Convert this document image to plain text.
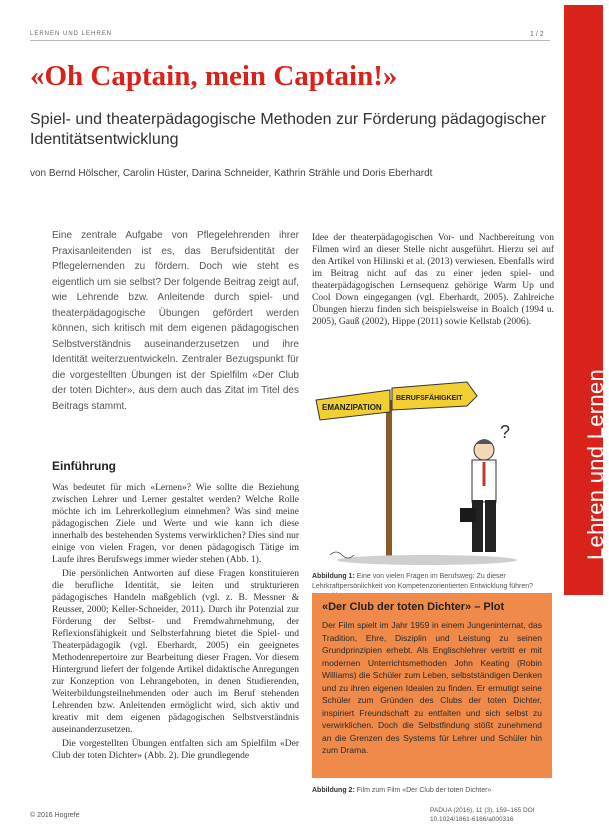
LERNEN UND LEHREN	1 / 2
Lehren und Lernen
«Oh Captain, mein Captain!»
Spiel- und theaterpädagogische Methoden zur Förderung pädagogischer Identitätsentwicklung
von Bernd Hölscher, Carolin Hüster, Darina Schneider, Kathrin Strähle und Doris Eberhardt
Eine zentrale Aufgabe von Pflegelehrenden ihrer Praxisanleitenden ist es, das Berufsidentität der Pflegelernenden zu fördern. Doch wie steht es eigentlich um sie selbst? Der folgende Beitrag zeigt auf, wie Lehrende bzw. Anleitende durch spiel- und theaterpädagogische Übungen gefördert werden können, sich kritisch mit dem eigenen pädagogischen Selbstverständnis auseinanderzusetzen und ihre Identität weiterzuentwickeln. Zentraler Bezugspunkt für die vorgestellten Übungen ist der Spielfilm «Der Club der toten Dichter», aus dem auch das Zitat im Titel des Beitrags stammt.
Einführung

Was bedeutet für mich «Lernen»? Wie sollte die Beziehung zwischen Lehrer und Lerner gestaltet werden? Welche Rolle möchte ich im Lehrerkollegium einnehmen? Was sind meine pädagogischen Ziele und Werte und wie kann ich diese innerhalb des bestehenden Systems verwirklichen? Dies sind nur einige von vielen Fragen, vor denen pädagogisch Tätige im Laufe ihres Berufswegs immer wieder stehen (Abb. 1).

Die persönlichen Antworten auf diese Fragen konstituieren die berufliche Identität, sie leiten und strukturieren pädagogisches Handeln maßgeblich (vgl. z. B. Messner & Reusser, 2000; Keller-Schneider, 2011). Durch ihr Potenzial zur Förderung der Selbst- und Fremdwahrnehmung, der Reflexionsfähigkeit und Selbsterfahrung bietet die Spiel- und Theaterpädagogik (vgl. Eberhardt, 2005) ein geeignetes Methodenrepertoire zur Bearbeitung dieser Fragen. Vor diesem Hintergrund liefert der folgende Artikel didaktische Anregungen zur Konzeption von Lehrangeboten, in denen Studierenden, Weiterbildungsteilnehmenden oder auch im Beruf stehenden Lehrenden bzw. Anleitenden ermöglicht wird, sich aktiv und kreativ mit dem eigenen pädagogischen Selbstverständnis auseinanderzusetzen.

Die vorgestellten Übungen entfalten sich am Spielfilm «Der Club der toten Dichter» (Abb. 2). Die grundlegende

Idee der theaterpädagogischen Vor- und Nachbereitung von Filmen wird an dieser Stelle nicht ausgeführt. Hierzu sei auf den Artikel von Hilinski et al. (2013) verwiesen. Ebenfalls wird im Beitrag nicht auf das zu einer jeden spiel- und theaterpädagogischen Lernsequenz gehörige Warm Up und Cool Down eingegangen (vgl. Eberhardt, 2005). Zahlreiche Übungen hierzu finden sich beispielsweise in Boalch (1994 u. 2005), Gauß (2002), Hippe (2011) sowie Kellstab (2006).
EMANZIPATION
BERUFSFÄHIGKEIT
?
Abbildung 1: Eine von vielen Fragen im Berufsweg: Zu dieser Lehrkraftpersönlichkeit von Kompetenzorientierten Entwicklung führen?
«Der Club der toten Dichter» – Plot
Der Film spielt im Jahr 1959 in einem Jungeninternat, das Tradition, Ehre, Disziplin und Leistung zu seinen Grundprinzipien erhebt. Als Englischlehrer vertritt er mit modernen Unterrichtsmethoden John Keating (Robin Williams) die Schüler zum Leben, selbstständigen Denken und zu ihren eigenen Idealen zu finden. Er ermutigt seine Schüler zum Gründen des Clubs der toten Dichter, inspiriert Freundschaft zu entfalten und sich selbst zu verwirklichen. Doch die Selbstfindung stößt zunehmend an die Grenzen des Systems für Lehrer und Schüler hin zum Drama.
Abbildung 2: Film zum Film «Der Club der toten Dichter»
© 2016 Hogrefe
PADUA (2016), 11 (3), 159–165 DOI 10.1024/1861-6186/a000316
